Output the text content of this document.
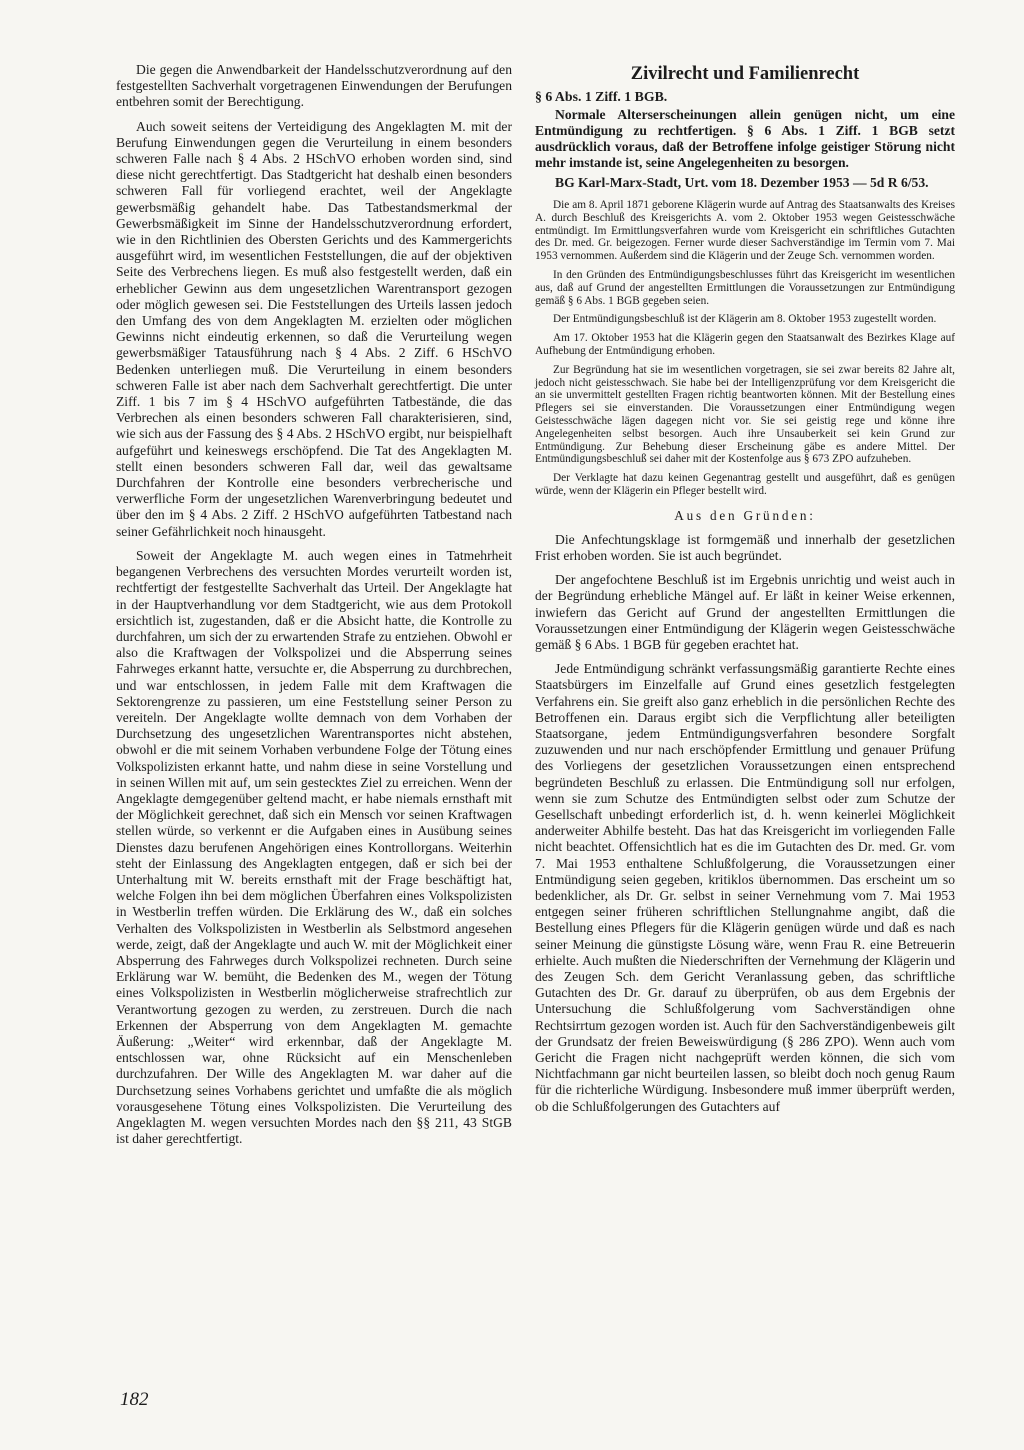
Die gegen die Anwendbarkeit der Handelsschutzverordnung auf den festgestellten Sachverhalt vorgetragenen Einwendungen der Berufungen entbehren somit der Berechtigung.

Auch soweit seitens der Verteidigung des Angeklagten M. mit der Berufung Einwendungen gegen die Verurteilung in einem besonders schweren Falle nach § 4 Abs. 2 HSchVO erhoben worden sind, sind diese nicht gerechtfertigt. Das Stadtgericht hat deshalb einen besonders schweren Fall für vorliegend erachtet, weil der Angeklagte gewerbsmäßig gehandelt habe. Das Tatbestandsmerkmal der Gewerbsmäßigkeit im Sinne der Handelsschutzverordnung erfordert, wie in den Richtlinien des Obersten Gerichts und des Kammergerichts ausgeführt wird, im wesentlichen Feststellungen, die auf der objektiven Seite des Verbrechens liegen. Es muß also festgestellt werden, daß ein erheblicher Gewinn aus dem ungesetzlichen Warentransport gezogen oder möglich gewesen sei. Die Feststellungen des Urteils lassen jedoch den Umfang des von dem Angeklagten M. erzielten oder möglichen Gewinns nicht eindeutig erkennen, so daß die Verurteilung wegen gewerbsmäßiger Tatausführung nach § 4 Abs. 2 Ziff. 6 HSchVO Bedenken unterliegen muß. Die Verurteilung in einem besonders schweren Falle ist aber nach dem Sachverhalt gerechtfertigt. Die unter Ziff. 1 bis 7 im § 4 HSchVO aufgeführten Tatbestände, die das Verbrechen als einen besonders schweren Fall charakterisieren, sind, wie sich aus der Fassung des § 4 Abs. 2 HSchVO ergibt, nur beispielhaft aufgeführt und keineswegs erschöpfend. Die Tat des Angeklagten M. stellt einen besonders schweren Fall dar, weil das gewaltsame Durchfahren der Kontrolle eine besonders verbrecherische und verwerfliche Form der ungesetzlichen Warenverbringung bedeutet und über den im § 4 Abs. 2 Ziff. 2 HSchVO aufgeführten Tatbestand nach seiner Gefährlichkeit noch hinausgeht.

Soweit der Angeklagte M. auch wegen eines in Tatmehrheit begangenen Verbrechens des versuchten Mordes verurteilt worden ist, rechtfertigt der festgestellte Sachverhalt das Urteil. Der Angeklagte hat in der Hauptverhandlung vor dem Stadtgericht, wie aus dem Protokoll ersichtlich ist, zugestanden, daß er die Absicht hatte, die Kontrolle zu durchfahren, um sich der zu erwartenden Strafe zu entziehen. Obwohl er also die Kraftwagen der Volkspolizei und die Absperrung seines Fahrweges erkannt hatte, versuchte er, die Absperrung zu durchbrechen, und war entschlossen, in jedem Falle mit dem Kraftwagen die Sektorengrenze zu passieren, um eine Feststellung seiner Person zu vereiteln. Der Angeklagte wollte demnach von dem Vorhaben der Durchsetzung des ungesetzlichen Warentransportes nicht abstehen, obwohl er die mit seinem Vorhaben verbundene Folge der Tötung eines Volkspolizisten erkannt hatte, und nahm diese in seine Vorstellung und in seinen Willen mit auf, um sein gestecktes Ziel zu erreichen. Wenn der Angeklagte demgegenüber geltend macht, er habe niemals ernsthaft mit der Möglichkeit gerechnet, daß sich ein Mensch vor seinen Kraftwagen stellen würde, so verkennt er die Aufgaben eines in Ausübung seines Dienstes dazu berufenen Angehörigen eines Kontrollorgans. Weiterhin steht der Einlassung des Angeklagten entgegen, daß er sich bei der Unterhaltung mit W. bereits ernsthaft mit der Frage beschäftigt hat, welche Folgen ihn bei dem möglichen Überfahren eines Volkspolizisten in Westberlin treffen würden. Die Erklärung des W., daß ein solches Verhalten des Volkspolizisten in Westberlin als Selbstmord angesehen werde, zeigt, daß der Angeklagte und auch W. mit der Möglichkeit einer Absperrung des Fahrweges durch Volkspolizei rechneten. Durch seine Erklärung war W. bemüht, die Bedenken des M., wegen der Tötung eines Volkspolizisten in Westberlin möglicherweise strafrechtlich zur Verantwortung gezogen zu werden, zu zerstreuen. Durch die nach Erkennen der Absperrung von dem Angeklagten M. gemachte Äußerung: „Weiter“ wird erkennbar, daß der Angeklagte M. entschlossen war, ohne Rücksicht auf ein Menschenleben durchzufahren. Der Wille des Angeklagten M. war daher auf die Durchsetzung seines Vorhabens gerichtet und umfaßte die als möglich vorausgesehene Tötung eines Volkspolizisten. Die Verurteilung des Angeklagten M. wegen versuchten Mordes nach den §§ 211, 43 StGB ist daher gerechtfertigt.

Zivilrecht und Familienrecht
§ 6 Abs. 1 Ziff. 1 BGB.

Normale Alterserscheinungen allein genügen nicht, um eine Entmündigung zu rechtfertigen. § 6 Abs. 1 Ziff. 1 BGB setzt ausdrücklich voraus, daß der Betroffene infolge geistiger Störung nicht mehr imstande ist, seine Angelegenheiten zu besorgen.

BG Karl-Marx-Stadt, Urt. vom 18. Dezember 1953 — 5d R 6/53.

Die am 8. April 1871 geborene Klägerin wurde auf Antrag des Staatsanwalts des Kreises A. durch Beschluß des Kreisgerichts A. vom 2. Oktober 1953 wegen Geistesschwäche entmündigt. Im Ermittlungsverfahren wurde vom Kreisgericht ein schriftliches Gutachten des Dr. med. Gr. beigezogen. Ferner wurde dieser Sachverständige im Termin vom 7. Mai 1953 vernommen. Außerdem sind die Klägerin und der Zeuge Sch. vernommen worden.

In den Gründen des Entmündigungsbeschlusses führt das Kreisgericht im wesentlichen aus, daß auf Grund der angestellten Ermittlungen die Voraussetzungen zur Entmündigung gemäß § 6 Abs. 1 BGB gegeben seien.

Der Entmündigungsbeschluß ist der Klägerin am 8. Oktober 1953 zugestellt worden.

Am 17. Oktober 1953 hat die Klägerin gegen den Staatsanwalt des Bezirkes Klage auf Aufhebung der Entmündigung erhoben.

Zur Begründung hat sie im wesentlichen vorgetragen, sie sei zwar bereits 82 Jahre alt, jedoch nicht geistesschwach. Sie habe bei der Intelligenzprüfung vor dem Kreisgericht die an sie unvermittelt gestellten Fragen richtig beantworten können. Mit der Bestellung eines Pflegers sei sie einverstanden. Die Voraussetzungen einer Entmündigung wegen Geistesschwäche lägen dagegen nicht vor. Sie sei geistig rege und könne ihre Angelegenheiten selbst besorgen. Auch ihre Unsauberkeit sei kein Grund zur Entmündigung. Zur Behebung dieser Erscheinung gäbe es andere Mittel. Der Entmündigungsbeschluß sei daher mit der Kostenfolge aus § 673 ZPO aufzuheben.

Der Verklagte hat dazu keinen Gegenantrag gestellt und ausgeführt, daß es genügen würde, wenn der Klägerin ein Pfleger bestellt wird.

Aus den Gründen:

Die Anfechtungsklage ist formgemäß und innerhalb der gesetzlichen Frist erhoben worden. Sie ist auch begründet.

Der angefochtene Beschluß ist im Ergebnis unrichtig und weist auch in der Begründung erhebliche Mängel auf. Er läßt in keiner Weise erkennen, inwiefern das Gericht auf Grund der angestellten Ermittlungen die Voraussetzungen einer Entmündigung der Klägerin wegen Geistesschwäche gemäß § 6 Abs. 1 BGB für gegeben erachtet hat.

Jede Entmündigung schränkt verfassungsmäßig garantierte Rechte eines Staatsbürgers im Einzelfalle auf Grund eines gesetzlich festgelegten Verfahrens ein. Sie greift also ganz erheblich in die persönlichen Rechte des Betroffenen ein. Daraus ergibt sich die Verpflichtung aller beteiligten Staatsorgane, jedem Entmündigungsverfahren besondere Sorgfalt zuzuwenden und nur nach erschöpfender Ermittlung und genauer Prüfung des Vorliegens der gesetzlichen Voraussetzungen einen entsprechend begründeten Beschluß zu erlassen. Die Entmündigung soll nur erfolgen, wenn sie zum Schutze des Entmündigten selbst oder zum Schutze der Gesellschaft unbedingt erforderlich ist, d. h. wenn keinerlei Möglichkeit anderweiter Abhilfe besteht. Das hat das Kreisgericht im vorliegenden Falle nicht beachtet. Offensichtlich hat es die im Gutachten des Dr. med. Gr. vom 7. Mai 1953 enthaltene Schlußfolgerung, die Voraussetzungen einer Entmündigung seien gegeben, kritiklos übernommen. Das erscheint um so bedenklicher, als Dr. Gr. selbst in seiner Vernehmung vom 7. Mai 1953 entgegen seiner früheren schriftlichen Stellungnahme angibt, daß die Bestellung eines Pflegers für die Klägerin genügen würde und daß es nach seiner Meinung die günstigste Lösung wäre, wenn Frau R. eine Betreuerin erhielte. Auch mußten die Niederschriften der Vernehmung der Klägerin und des Zeugen Sch. dem Gericht Veranlassung geben, das schriftliche Gutachten des Dr. Gr. darauf zu überprüfen, ob aus dem Ergebnis der Untersuchung die Schlußfolgerung vom Sachverständigen ohne Rechtsirrtum gezogen worden ist. Auch für den Sachverständigenbeweis gilt der Grundsatz der freien Beweiswürdigung (§ 286 ZPO). Wenn auch vom Gericht die Fragen nicht nachgeprüft werden können, die sich vom Nichtfachmann gar nicht beurteilen lassen, so bleibt doch noch genug Raum für die richterliche Würdigung. Insbesondere muß immer überprüft werden, ob die Schlußfolgerungen des Gutachters auf

182
